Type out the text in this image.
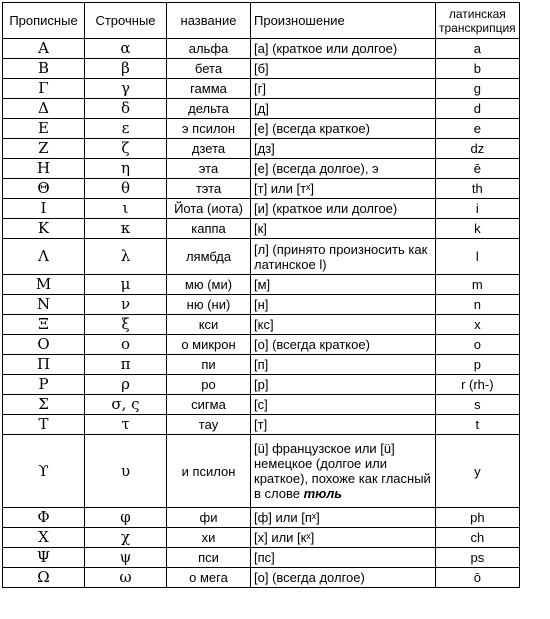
Прописные	Строчные	название	Произношение	латинская транскрипция
Α	α	альфа	[а] (краткое или долгое)	a
Β	β	бета	[б]	b
Γ	γ	гамма	[г]	g
Δ	δ	дельта	[д]	d
Ε	ε	э псилон	[е] (всегда краткое)	e
Ζ	ζ	дзета	[дз]	dz
Η	η	эта	[е] (всегда долгое), э	ē
Θ	θ	тэта	[т] или [тˣ]	th
Ι	ι	Йота (иота)	[и] (краткое или долгое)	i
Κ	κ	каппа	[к]	k
Λ	λ	лямбда	[л] (принято произносить как латинское l)	l
Μ	μ	мю (ми)	[м]	m
Ν	ν	ню (ни)	[н]	n
Ξ	ξ	кси	[кс]	x
Ο	ο	о микрон	[о] (всегда краткое)	o
Π	π	пи	[п]	p
Ρ	ρ	ро	[р]	r (rh-)
Σ	σ, ς	сигма	[с]	s
Τ	τ	тау	[т]	t
ϒ	υ	и псилон	[ü] французское или [ü] немецкое (долгое или краткое), похоже как гласный в слове тюль	y
Φ	φ	фи	[ф] или [пˣ]	ph
Χ	χ	хи	[х] или [кˣ]	ch
Ψ	ψ	пси	[пс]	ps
Ω	ω	о мега	[о] (всегда долгое)	ō
